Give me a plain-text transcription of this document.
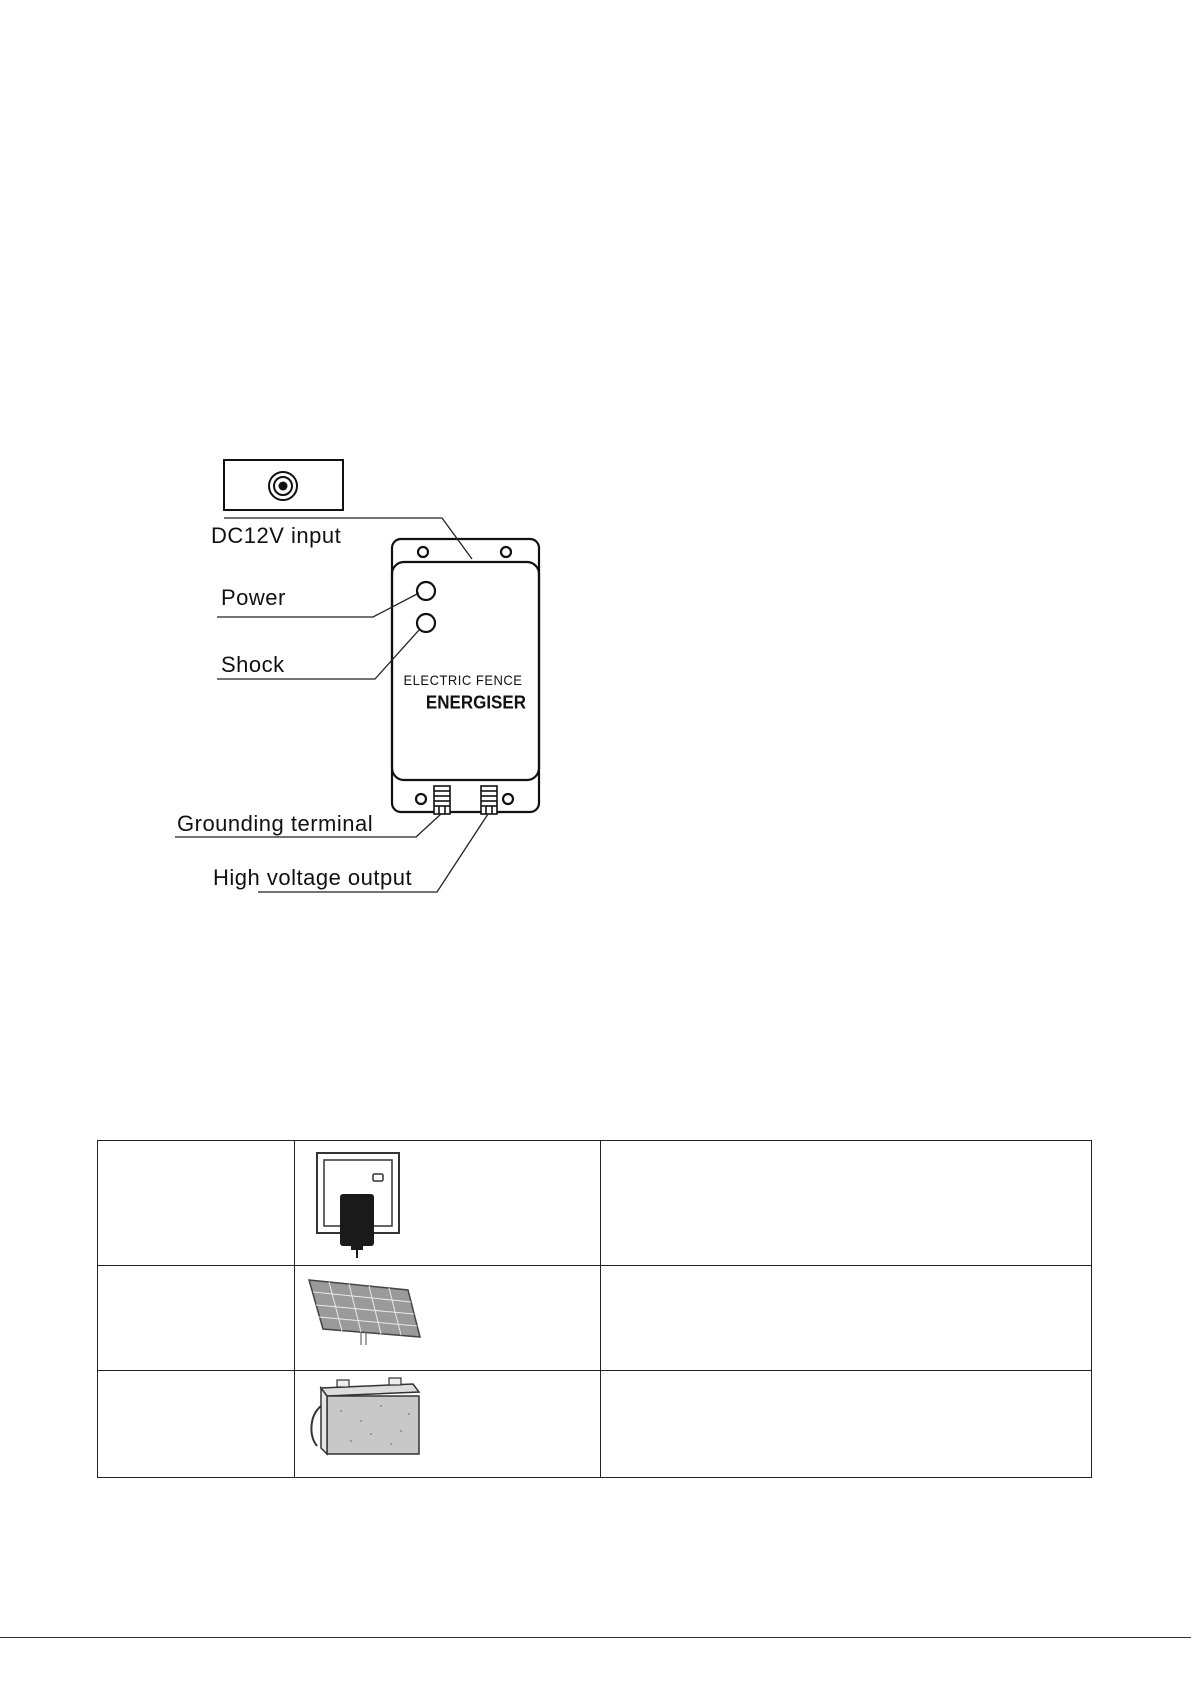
DC12V input
Power
Shock
Grounding terminal
High voltage output
ELECTRIC FENCE
ENERGISER
